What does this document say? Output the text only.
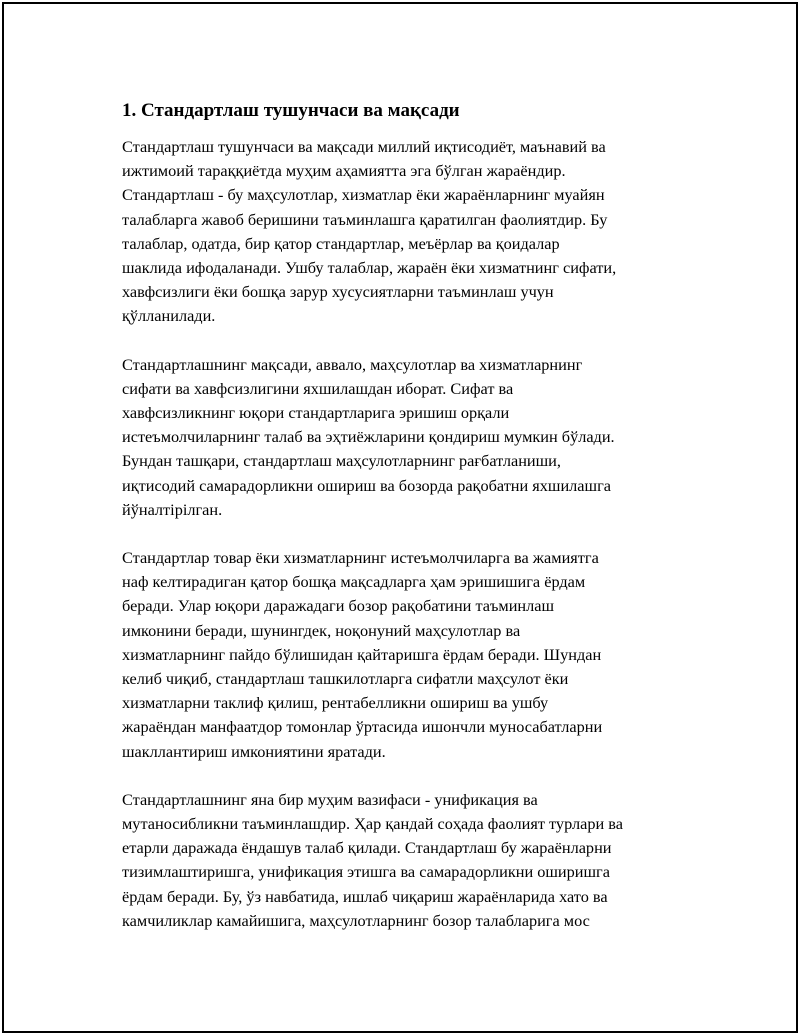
1. Стандартлаш тушунчаси ва мақсади

Стандартлаш тушунчаси ва мақсади миллий иқтисодиёт, маънавий ва
ижтимоий тараққиётда муҳим аҳамиятта эга бўлган жараёндир.
Стандартлаш - бу маҳсулотлар, хизматлар ёки жараёнларнинг муайян
талабларга жавоб беришини таъминлашга қаратилган фаолиятдир. Бу
талаблар, одатда, бир қатор стандартлар, меъёрлар ва қоидалар
шаклида ифодаланади. Ушбу талаблар, жараён ёки хизматнинг сифати,
хавфсизлиги ёки бошқа зарур хусусиятларни таъминлаш учун
қўлланилади.

Стандартлашнинг мақсади, аввало, маҳсулотлар ва хизматларнинг
сифати ва хавфсизлигини яхшилашдан иборат. Сифат ва
хавфсизликнинг юқори стандартларига эришиш орқали
истеъмолчиларнинг талаб ва эҳтиёжларини қондириш мумкин бўлади.
Бундан ташқари, стандартлаш маҳсулотларнинг рағбатланиши,
иқтисодий самарадорликни ошириш ва бозорда рақобатни яхшилашга
йўналтiрiлган.

Стандартлар товар ёки хизматларнинг истеъмолчиларга ва жамиятга
наф келтирадиган қатор бошқа мақсадларга ҳам эришишига ёрдам
беради. Улар юқори даражадаги бозор рақобатини таъминлаш
имконини беради, шунингдек, ноқонуний маҳсулотлар ва
хизматларнинг пайдо бўлишидан қайтаришга ёрдам беради. Шундан
келиб чиқиб, стандартлаш ташкилотларга сифатли маҳсулот ёки
хизматларни таклиф қилиш, рентабелликни ошириш ва ушбу
жараёндан манфаатдор томонлар ўртасида ишончли муносабатларни
шакллантириш имкониятини яратади.

Стандартлашнинг яна бир муҳим вазифаси - унификация ва
мутаносибликни таъминлашдир. Ҳар қандай соҳада фаолият турлари ва
етарли даражада ёндашув талаб қилади. Стандартлаш бу жараёнларни
тизимлаштиришга, унификация этишга ва самарадорликни оширишга
ёрдам беради. Бу, ўз навбатида, ишлаб чиқариш жараёнларида хато ва
камчиликлар камайишига, маҳсулотларнинг бозор талабларига мос
